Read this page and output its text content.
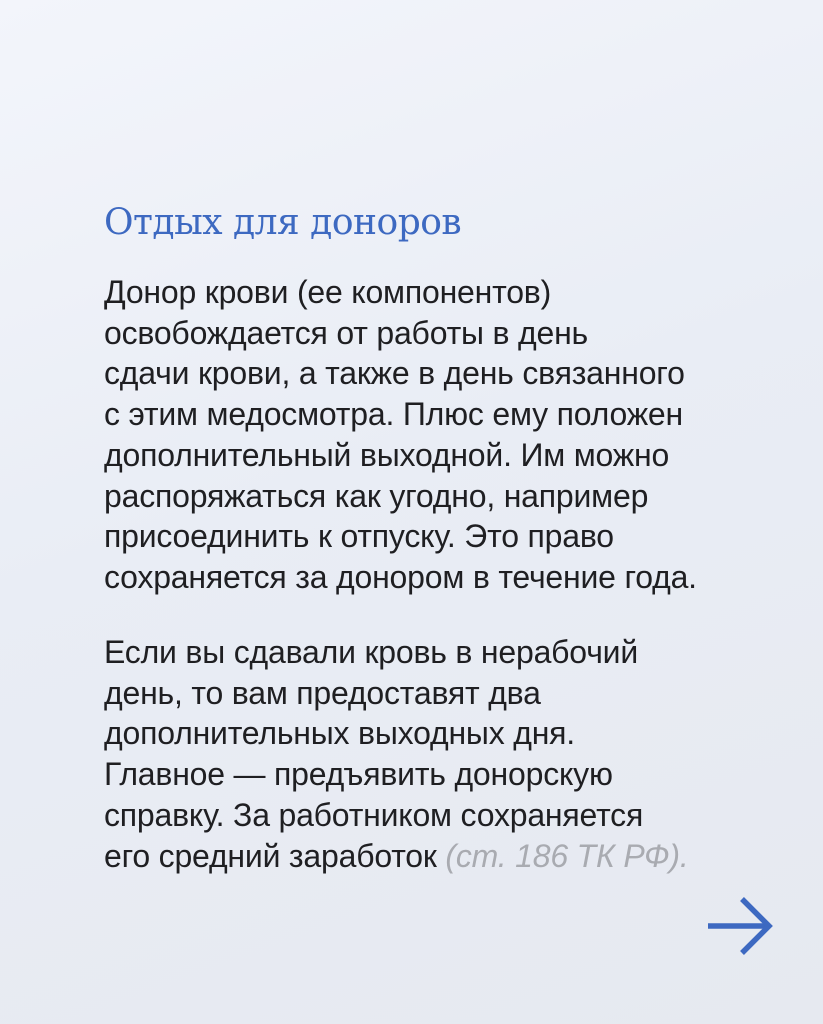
Отдых для доноров

Донор крови (ее компонентов)
освобождается от работы в день
сдачи крови, а также в день связанного
с этим медосмотра. Плюс ему положен
дополнительный выходной. Им можно
распоряжаться как угодно, например
присоединить к отпуску. Это право
сохраняется за донором в течение года.

Если вы сдавали кровь в нерабочий
день, то вам предоставят два
дополнительных выходных дня.
Главное — предъявить донорскую
справку. За работником сохраняется
его средний заработок (ст. 186 ТК РФ).
